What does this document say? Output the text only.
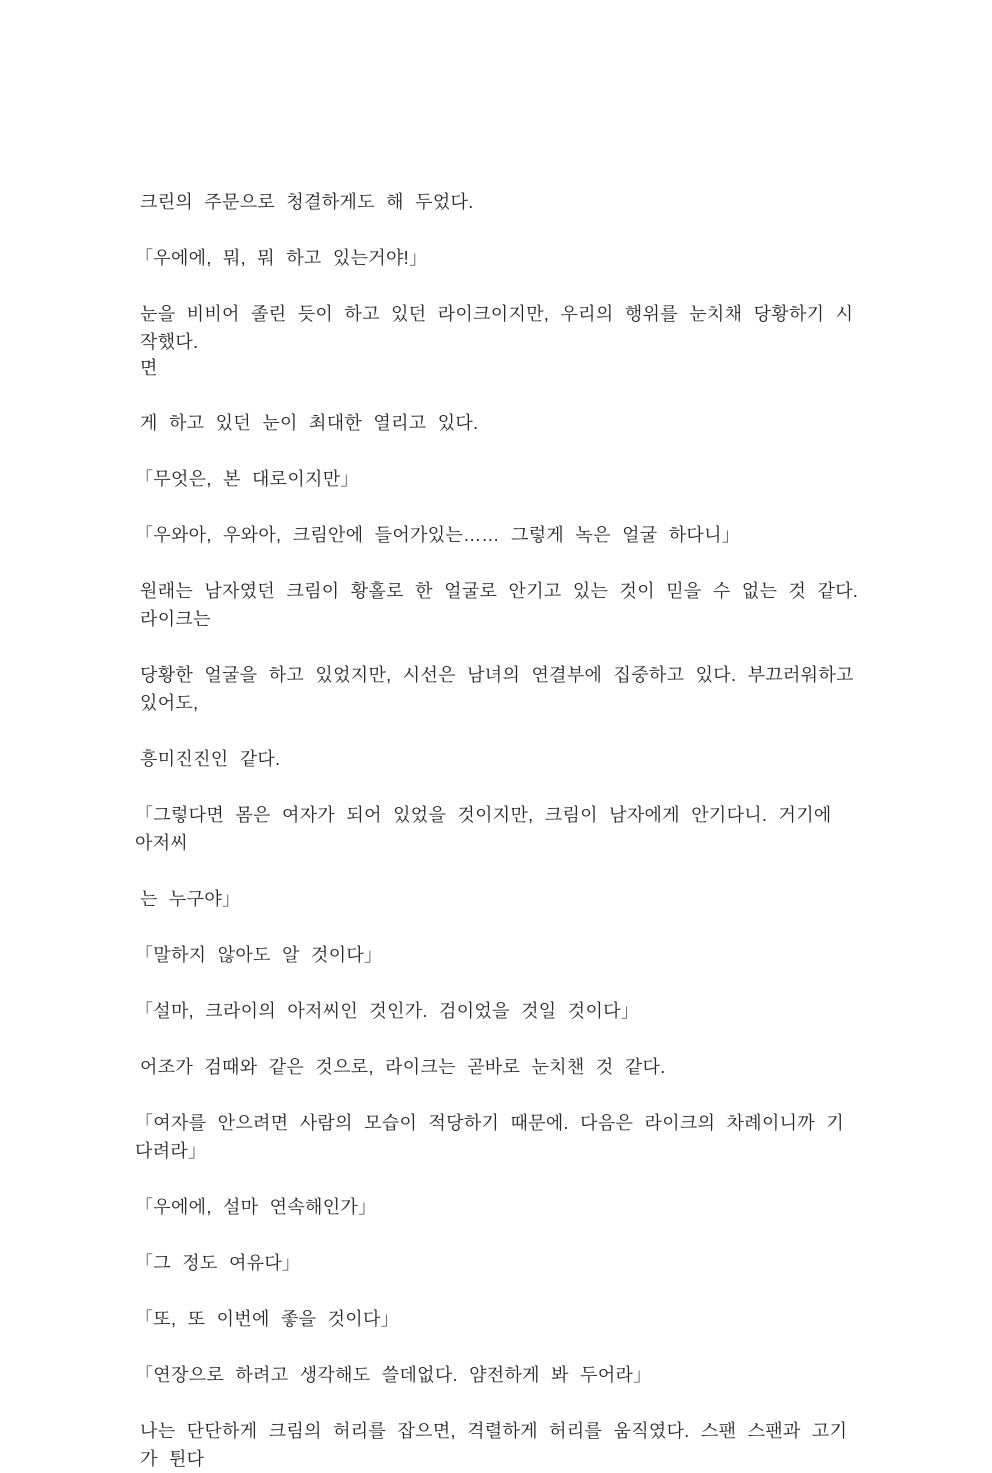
크린의 주문으로 청결하게도 해 두었다.
「우에에, 뭐, 뭐 하고 있는거야!」
눈을 비비어 졸린 듯이 하고 있던 라이크이지만, 우리의 행위를 눈치채 당황하기 시작했다.
면
게 하고 있던 눈이 최대한 열리고 있다.
「무엇은, 본 대로이지만」
「우와아, 우와아, 크림안에 들어가있는…… 그렇게 녹은 얼굴 하다니」
원래는 남자였던 크림이 황홀로 한 얼굴로 안기고 있는 것이 믿을 수 없는 것 같다. 라이크는
당황한 얼굴을 하고 있었지만, 시선은 남녀의 연결부에 집중하고 있다. 부끄러워하고 있어도,
흥미진진인 같다.
「그렇다면 몸은 여자가 되어 있었을 것이지만, 크림이 남자에게 안기다니. 거기에 아저씨
는 누구야」
「말하지 않아도 알 것이다」
「설마, 크라이의 아저씨인 것인가. 검이었을 것일 것이다」
어조가 검때와 같은 것으로, 라이크는 곧바로 눈치챈 것 같다.
「여자를 안으려면 사람의 모습이 적당하기 때문에. 다음은 라이크의 차례이니까 기다려라」
「우에에, 설마 연속해인가」
「그 정도 여유다」
「또, 또 이번에 좋을 것이다」
「연장으로 하려고 생각해도 쓸데없다. 얌전하게 봐 두어라」
나는 단단하게 크림의 허리를 잡으면, 격렬하게 허리를 움직였다. 스팬 스팬과 고기가 튄다
